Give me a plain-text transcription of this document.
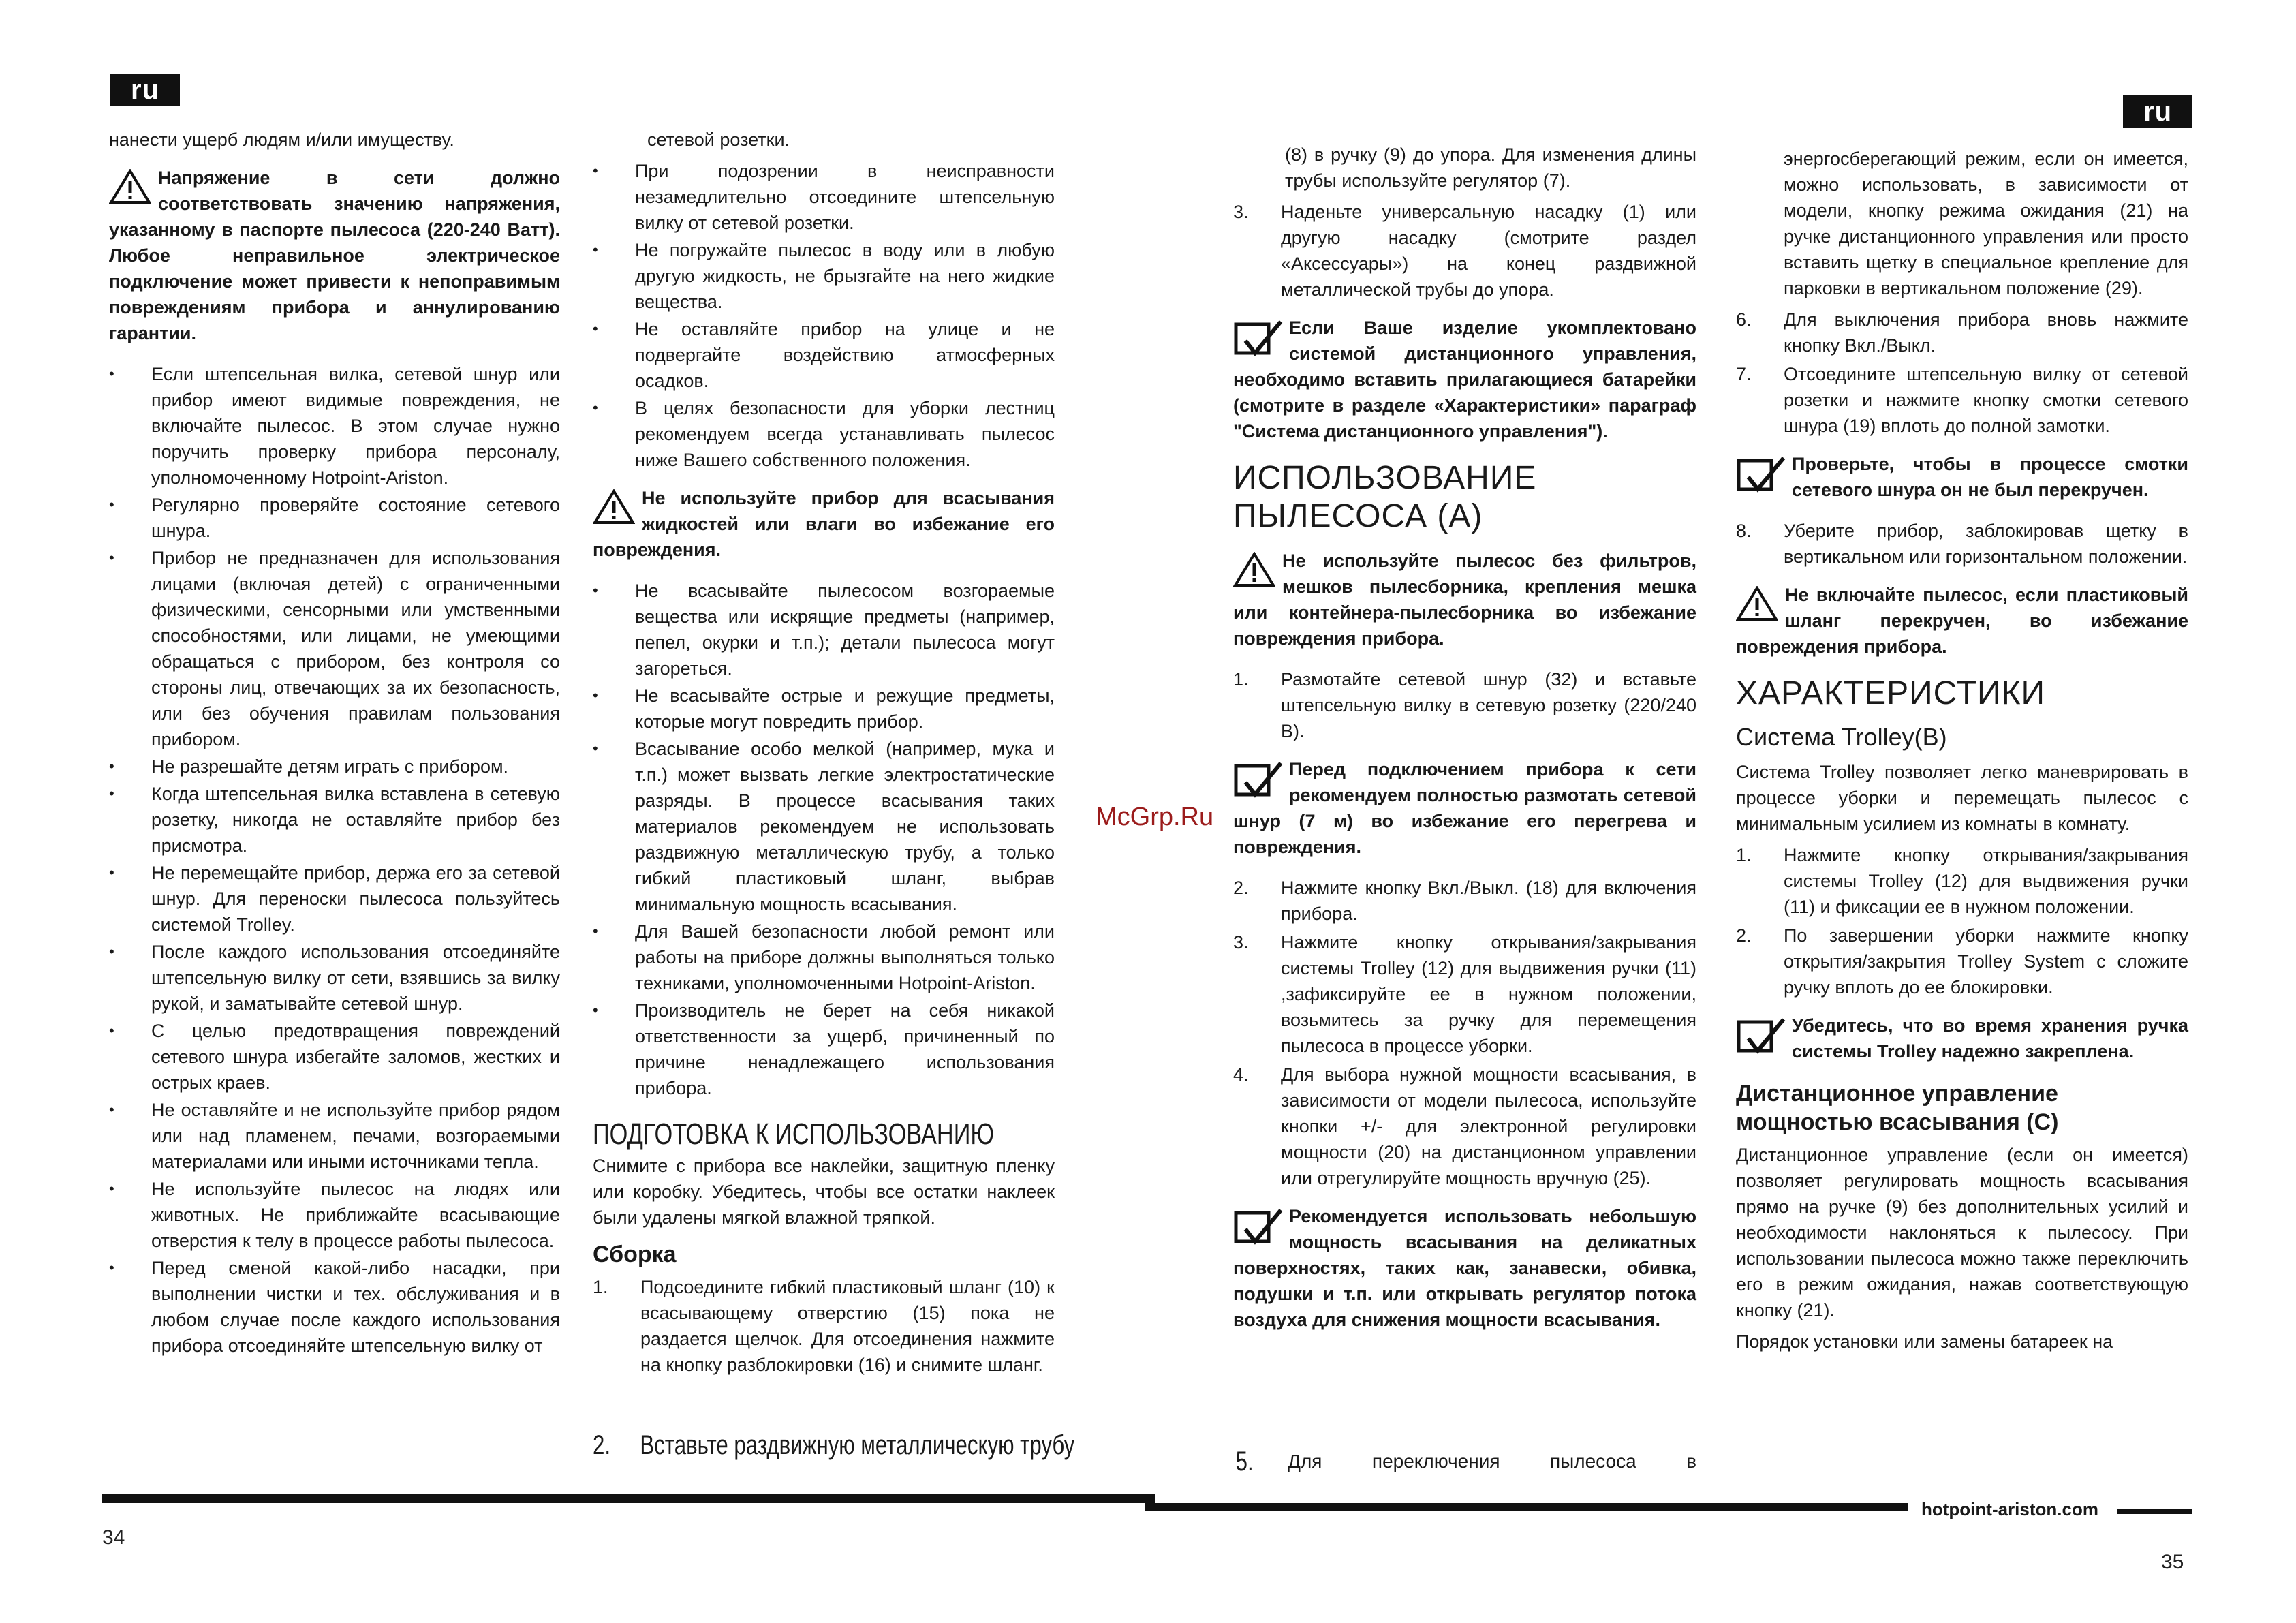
ru
ru

нанести ущерб людям и/или имуществу.

Напряжение в сети должно соответствовать значению напряжения, указанному в паспорте пылесоса (220-240 Ватт). Любое неправильное электрическое подключение может привести к непоправимым повреждениям прибора и аннулированию гарантии.
• Если штепсельная вилка, сетевой шнур или прибор имеют видимые повреждения, не включайте пылесос. В этом случае нужно поручить проверку прибора персоналу, уполномоченному Hotpoint-Ariston.
• Регулярно проверяйте состояние сетевого шнура.
• Прибор не предназначен для использования лицами (включая детей) с ограниченными физическими, сенсорными или умственными способностями, или лицами, не умеющими обращаться с прибором, без контроля со стороны лиц, отвечающих за их безопасность, или без обучения правилам пользования прибором.
• Не разрешайте детям играть с прибором.
• Когда штепсельная вилка вставлена в сетевую розетку, никогда не оставляйте прибор без присмотра.
• Не перемещайте прибор, держа его за сетевой шнур. Для переноски пылесоса пользуйтесь системой Trolley.
• После каждого использования отсоединяйте штепсельную вилку от сети, взявшись за вилку рукой, и заматывайте сетевой шнур.
• С целью предотвращения повреждений сетевого шнура избегайте заломов, жестких и острых краев.
• Не оставляйте и не используйте прибор рядом или над пламенем, печами, возгораемыми материалами или иными источниками тепла.
• Не используйте пылесос на людях или животных. Не приближайте всасывающие отверстия к телу в процессе работы пылесоса.
• Перед сменой какой-либо насадки, при выполнении чистки и тех. обслуживания и в любом случае после каждого использования прибора отсоединяйте штепсельную вилку от

сетевой розетки.

• При подозрении в неисправности незамедлительно отсоедините штепсельную вилку от сетевой розетки.
• Не погружайте пылесос в воду или в любую другую жидкость, не брызгайте на него жидкие вещества.
• Не оставляйте прибор на улице и не подвергайте воздействию атмосферных осадков.
• В целях безопасности для уборки лестниц рекомендуем всегда устанавливать пылесос ниже Вашего собственного положения.
Не используйте прибор для всасывания жидкостей или влаги во избежание его повреждения.
• Не всасывайте пылесосом возгораемые вещества или искрящие предметы (например, пепел, окурки и т.п.); детали пылесоса могут загореться.
• Не всасывайте острые и режущие предметы, которые могут повредить прибор.
• Всасывание особо мелкой (например, мука и т.п.) может вызвать легкие электростатические разряды. В процессе всасывания таких материалов рекомендуем не использовать раздвижную металлическую трубу, а только гибкий пластиковый шланг, выбрав минимальную мощность всасывания.
• Для Вашей безопасности любой ремонт или работы на приборе должны выполняться только техниками, уполномоченными Hotpoint-Ariston.
• Производитель не берет на себя никакой ответственности за ущерб, причиненный по причине ненадлежащего использования прибора.
ПОДГОТОВКА К ИСПОЛЬЗОВАНИЮ

Снимите с прибора все наклейки, защитную пленку или коробку. Убедитесь, чтобы все остатки наклеек были удалены мягкой влажной тряпкой.

Сборка
1. Подсоедините гибкий пластиковый шланг (10) к всасывающему отверстию (15) пока не раздается щелчок. Для отсоединения нажмите на кнопку разблокировки (16) и снимите шланг.
2. Вставьте раздвижную металлическую трубу
McGrp.Ru

(8) в ручку (9) до упора. Для изменения длины трубы используйте регулятор (7).

3. Наденьте универсальную насадку (1) или другую насадку (смотрите раздел «Аксессуары») на конец раздвижной металлической трубы до упора.
Если Ваше изделие укомплектовано системой дистанционного управления, необходимо вставить прилагающиеся батарейки (смотрите в разделе «Характеристики» параграф "Система дистанционного управления").
ИСПОЛЬЗОВАНИЕ ПЫЛЕСОСА (А)
Не используйте пылесос без фильтров, мешков пылесборника, крепления мешка или контейнера-пылесборника во избежание повреждения прибора.
1. Размотайте сетевой шнур (32) и вставьте штепсельную вилку в сетевую розетку (220/240 В).
Перед подключением прибора к сети рекомендуем полностью размотать сетевой шнур (7 м) во избежание его перегрева и повреждения.
2. Нажмите кнопку Вкл./Выкл. (18) для включения прибора.
3. Нажмите кнопку открывания/закрывания системы Trolley (12) для выдвижения ручки (11) ,зафиксируйте ее в нужном положении, возьмитесь за ручку для перемещения пылесоса в процессе уборки.
4. Для выбора нужной мощности всасывания, в зависимости от модели пылесоса, используйте кнопки +/- для электронной регулировки мощности (20) на дистанционном управлении или отрегулируйте мощность вручную (25).
Рекомендуется использовать небольшую мощность всасывания на деликатных поверхностях, таких как, занавески, обивка, подушки и т.п. или открывать регулятор потока воздуха для снижения мощности всасывания.
5. Для переключения пылесоса в

энергосберегающий режим, если он имеется, можно использовать, в зависимости от модели, кнопку режима ожидания (21) на ручке дистанционного управления или просто вставить щетку в специальное крепление для парковки в вертикальном положение (29).

6. Для выключения прибора вновь нажмите кнопку Вкл./Выкл.
7. Отсоедините штепсельную вилку от сетевой розетки и нажмите кнопку смотки сетевого шнура (19) вплоть до полной замотки.
Проверьте, чтобы в процессе смотки сетевого шнура он не был перекручен.
8. Уберите прибор, заблокировав щетку в вертикальном или горизонтальном положении.
Не включайте пылесос, если пластиковый шланг перекручен, во избежание повреждения прибора.
ХАРАКТЕРИСТИКИ
Система Trolley(В)

Система Trolley позволяет легко маневрировать в процессе уборки и перемещать пылесос с минимальным усилием из комнаты в комнату.

1. Нажмите кнопку открывания/закрывания системы Trolley (12) для выдвижения ручки (11) и фиксации ее в нужном положении.
2. По завершении уборки нажмите кнопку открытия/закрытия Trolley System с сложите ручку вплоть до ее блокировки.
Убедитесь, что во время хранения ручка системы Trolley надежно закреплена.
Дистанционное управление мощностью всасывания (С)

Дистанционное управление (если он имеется) позволяет регулировать мощность всасывания прямо на ручке (9) без дополнительных усилий и необходимости наклоняться к пылесосу. При использовании пылесоса можно также переключить его в режим ожидания, нажав соответствующую кнопку (21).

Порядок установки или замены батареек на

hotpoint-ariston.com
34
35
